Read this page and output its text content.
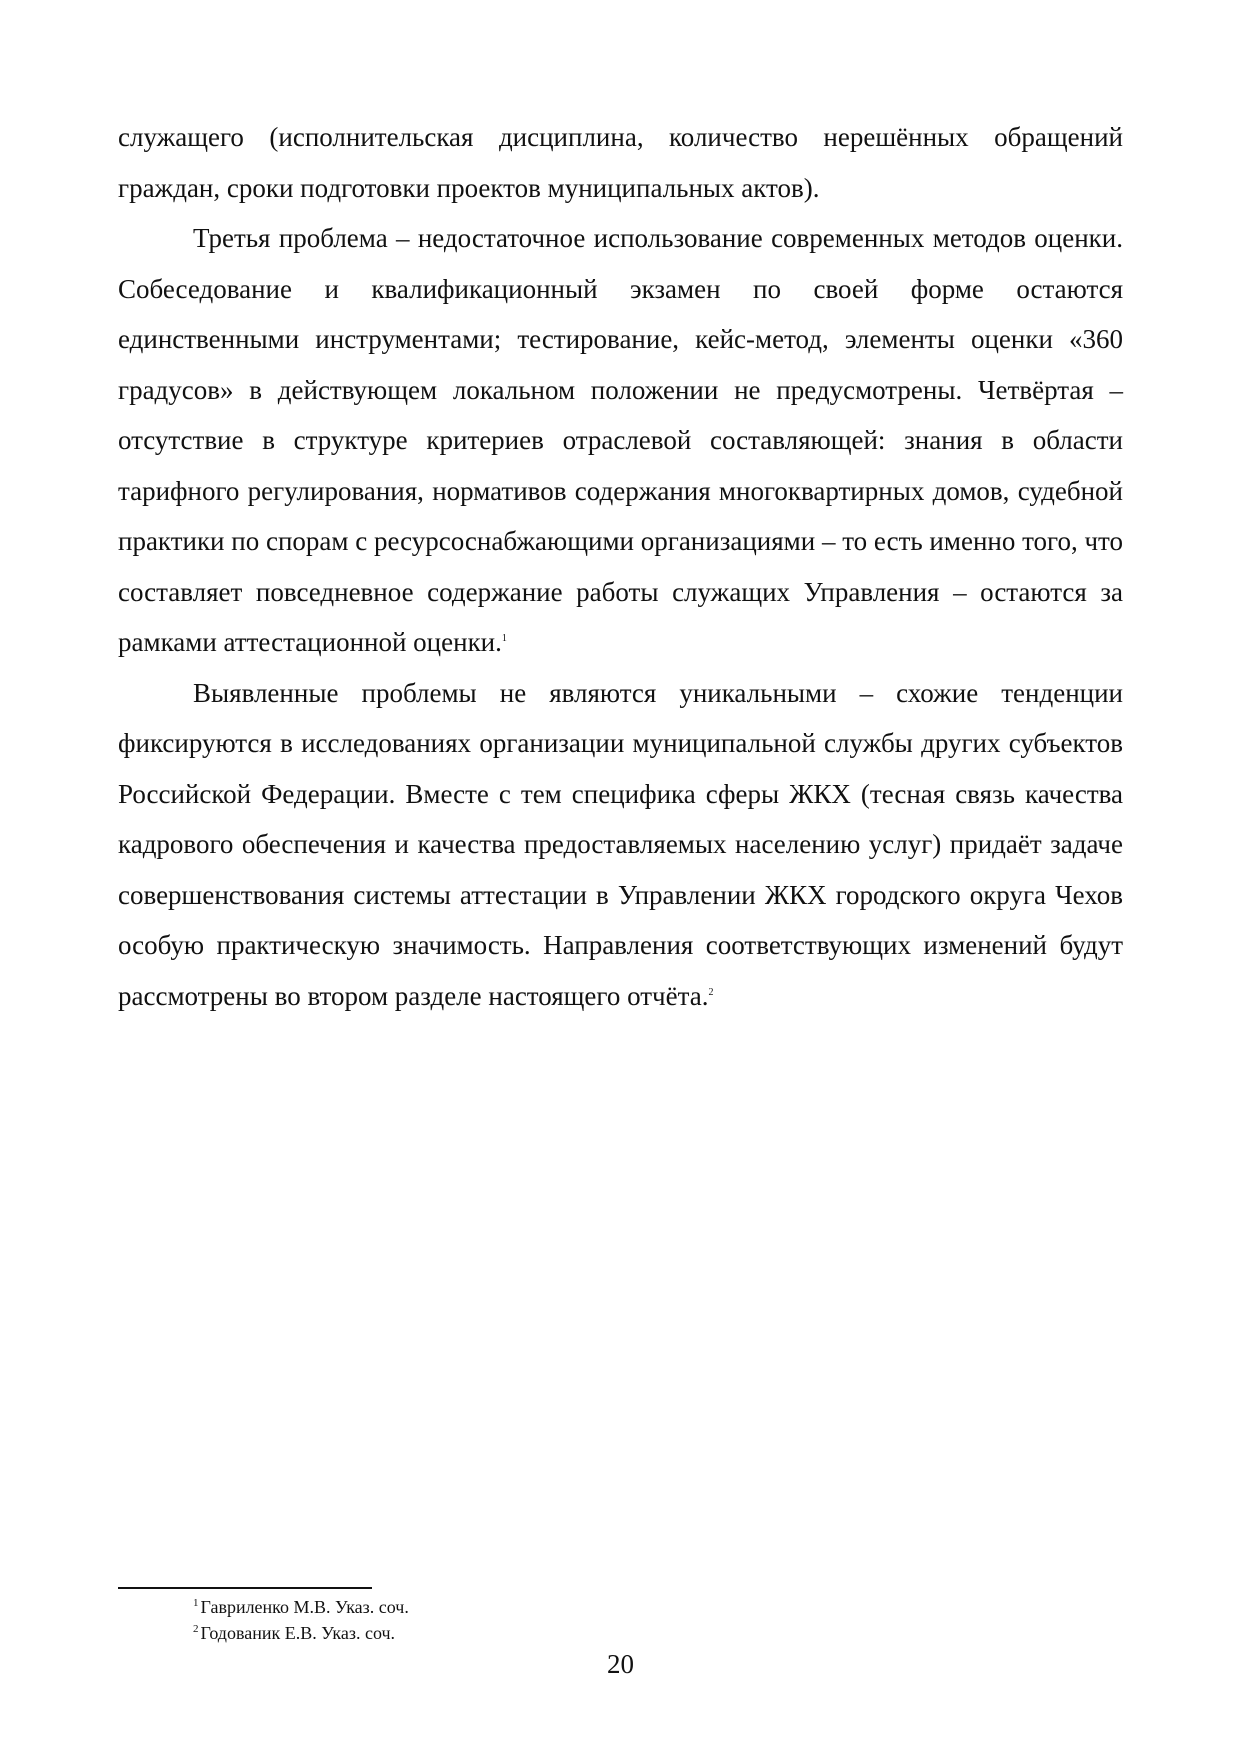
служащего (исполнительская дисциплина, количество нерешённых обращений граждан, сроки подготовки проектов муниципальных актов).

Третья проблема – недостаточное использование современных методов оценки. Собеседование и квалификационный экзамен по своей форме остаются единственными инструментами; тестирование, кейс-метод, элементы оценки «360 градусов» в действующем локальном положении не предусмотрены. Четвёртая – отсутствие в структуре критериев отраслевой составляющей: знания в области тарифного регулирования, нормативов содержания многоквартирных домов, судебной практики по спорам с ресурсоснабжающими организациями – то есть именно того, что составляет повседневное содержание работы служащих Управления – остаются за рамками аттестационной оценки.$^1$

Выявленные проблемы не являются уникальными – схожие тенденции фиксируются в исследованиях организации муниципальной службы других субъектов Российской Федерации. Вместе с тем специфика сферы ЖКХ (тесная связь качества кадрового обеспечения и качества предоставляемых населению услуг) придаёт задаче совершенствования системы аттестации в Управлении ЖКХ городского округа Чехов особую практическую значимость. Направления соответствующих изменений будут рассмотрены во втором разделе настоящего отчёта.$^2$

$^1$ Гавриленко М.В. Указ. соч.
$^2$ Годованик Е.В. Указ. соч.
20
